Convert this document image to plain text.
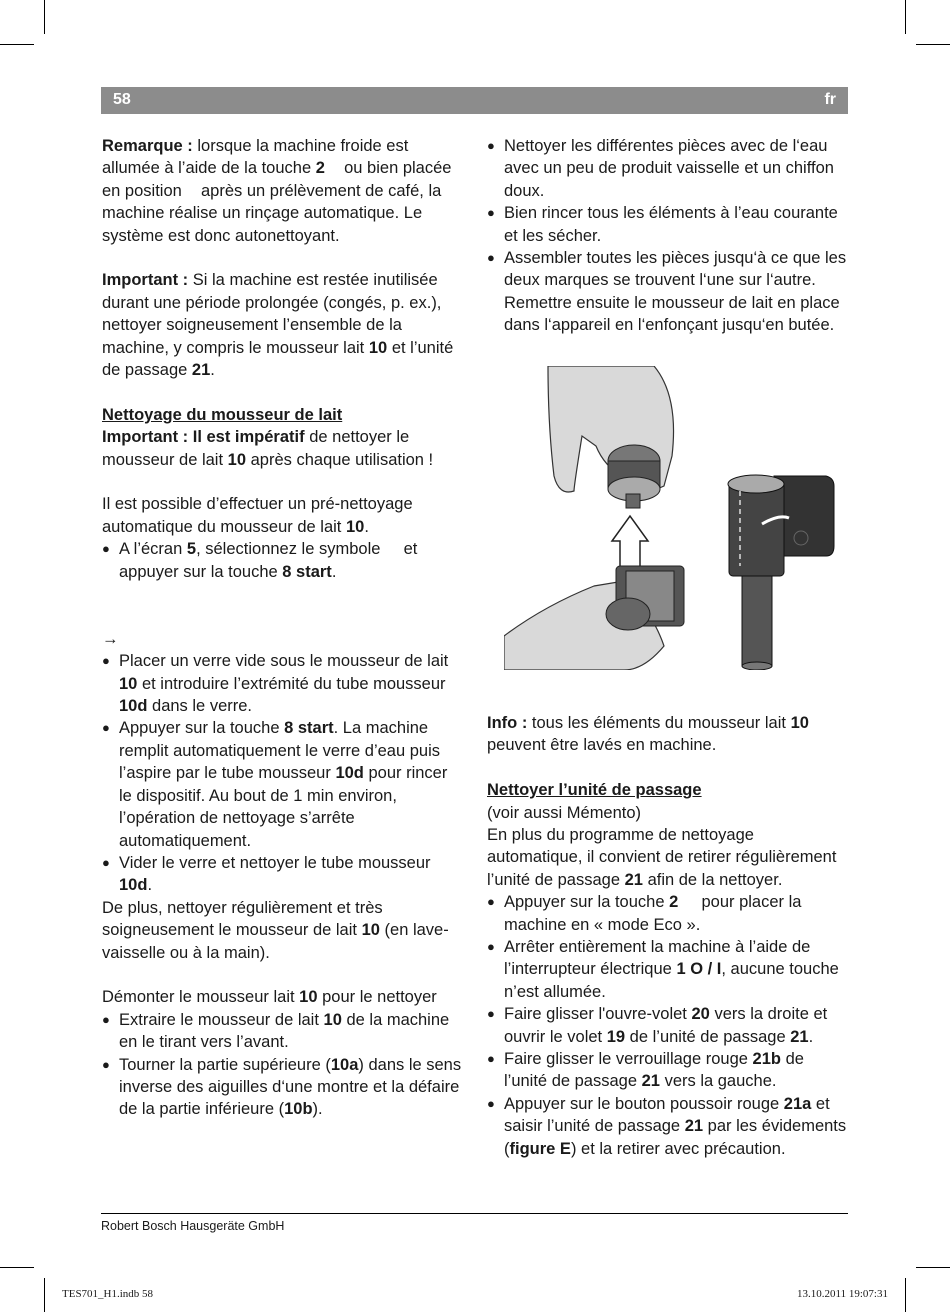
58	fr

Remarque : lorsque la machine froide est allumée à l’aide de la touche 2 ou bien placée en position après un prélèvement de café, la machine réalise un rinçage automatique. Le système est donc autonettoyant.

Important : Si la machine est restée inutilisée durant une période prolongée (congés, p. ex.), nettoyer soigneusement l’ensemble de la machine, y compris le mousseur lait 10 et l’unité de passage 21.

Nettoyage du mousseur de lait

Important : Il est impératif de nettoyer le mousseur de lait 10 après chaque utilisation !

Il est possible d’effectuer un pré-nettoyage automatique du mousseur de lait 10.

● A l’écran 5, sélectionnez le symbole et appuyer sur la touche 8 start.

→

● Placer un verre vide sous le mousseur de lait 10 et introduire l’extrémité du tube mousseur 10d dans le verre.
● Appuyer sur la touche 8 start. La machine remplit automatiquement le verre d’eau puis l’aspire par le tube mousseur 10d pour rincer le dispositif. Au bout de 1 min environ, l’opération de nettoyage s’arrête automatiquement.
● Vider le verre et nettoyer le tube mousseur 10d.

De plus, nettoyer régulièrement et très soigneusement le mousseur de lait 10 (en lave-vaisselle ou à la main).

Démonter le mousseur lait 10 pour le nettoyer

● Extraire le mousseur de lait 10 de la machine en le tirant vers l’avant.
● Tourner la partie supérieure (10a) dans le sens inverse des aiguilles d‘une montre et la défaire de la partie inférieure (10b).
● Nettoyer les différentes pièces avec de l‘eau avec un peu de produit vaisselle et un chiffon doux.
● Bien rincer tous les éléments à l’eau courante et les sécher.
● Assembler toutes les pièces jusqu‘à ce que les deux marques se trouvent l‘une sur l‘autre. Remettre ensuite le mousseur de lait en place dans l‘appareil en l‘enfonçant jusqu‘en butée.

Info : tous les éléments du mousseur lait 10 peuvent être lavés en machine.

Nettoyer l’unité de passage

(voir aussi Mémento)

En plus du programme de nettoyage automatique, il convient de retirer régulièrement l’unité de passage 21 afin de la nettoyer.

● Appuyer sur la touche 2 pour placer la machine en « mode Eco ».
● Arrêter entièrement la machine à l’aide de l’interrupteur électrique 1 O / I, aucune touche n’est allumée.
● Faire glisser l'ouvre-volet 20 vers la droite et ouvrir le volet 19 de l’unité de passage 21.
● Faire glisser le verrouillage rouge 21b de l’unité de passage 21 vers la gauche.
● Appuyer sur le bouton poussoir rouge 21a et saisir l’unité de passage 21 par les évidements (figure E) et la retirer avec précaution.
Robert Bosch Hausgeräte GmbH
TES701_H1.indb 58	13.10.2011 19:07:31
